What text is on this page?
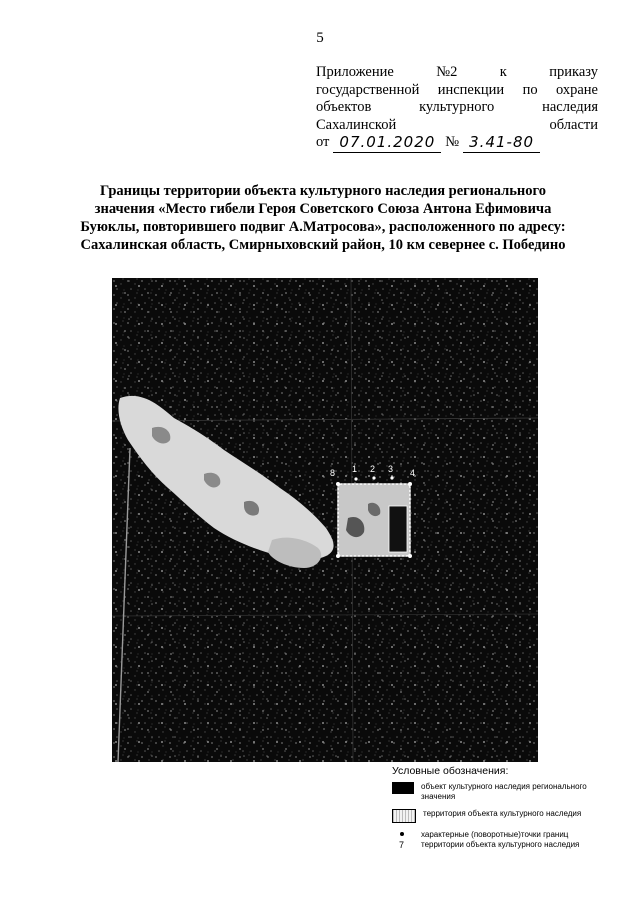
5
Приложение	№2	к	приказу
государственной инспекции по охране
объектов	культурного	наследия
Сахалинской	области
от 07.01.2020 № 3.41-80
Границы территории объекта культурного наследия регионального значения «Место гибели Героя Советского Союза Антона Ефимовича Буюклы, повторившего подвиг А.Матросова», расположенного по адресу: Сахалинская область, Смирныховский район, 10 км севернее с. Победино
8 1 2 3 4
Условные обозначения:
объект культурного наследия регионального значения
территория объекта культурного наследия
7
характерные (поворотные)точки границ территории объекта культурного наследия
